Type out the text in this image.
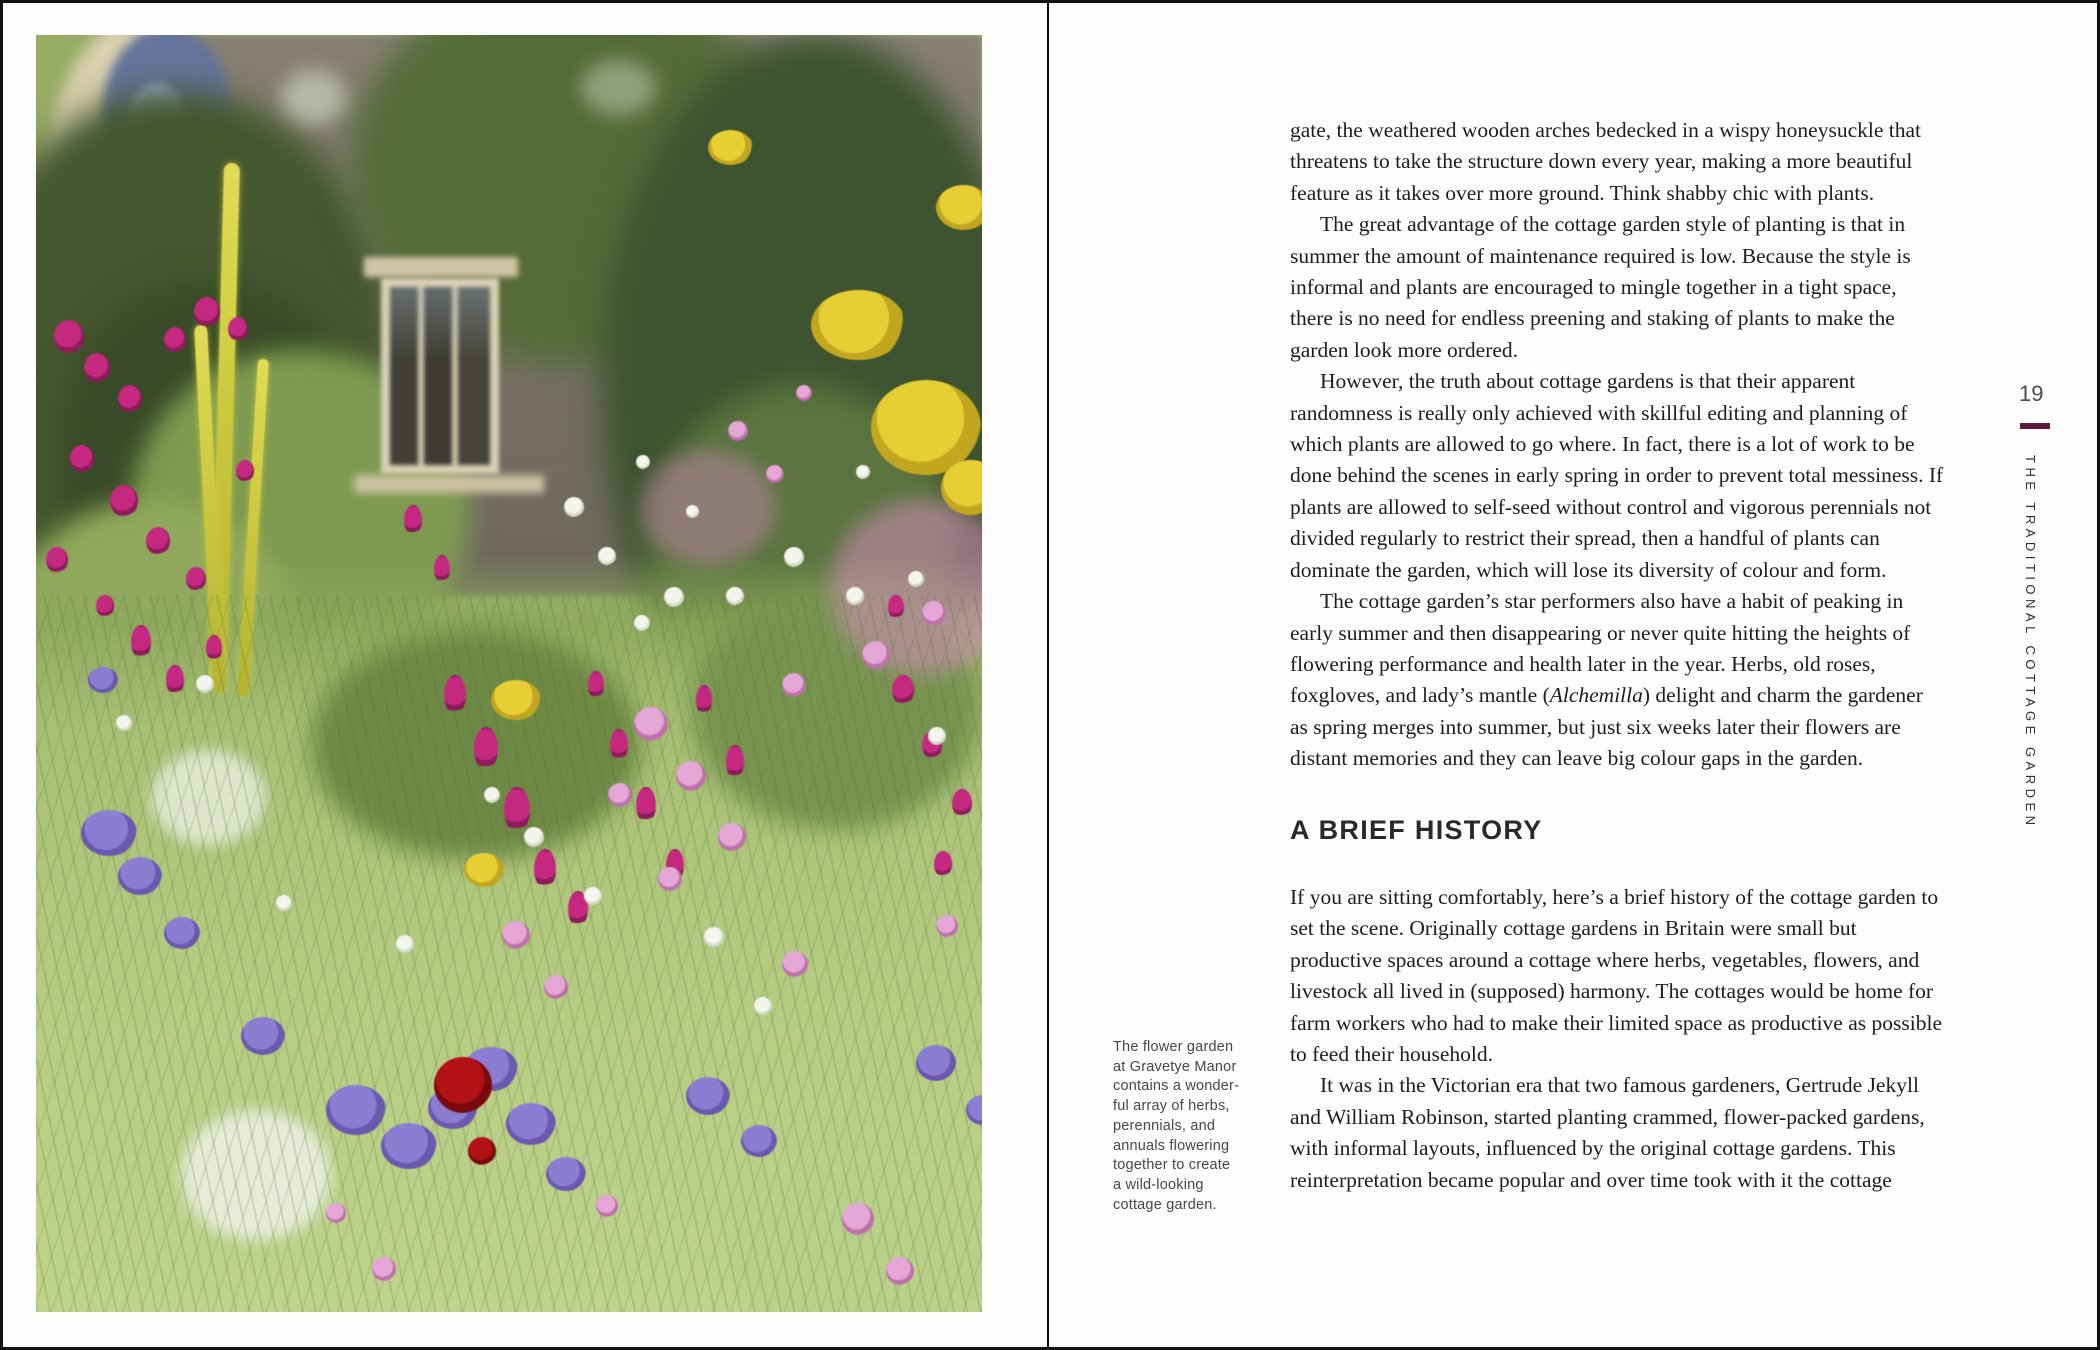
gate, the weathered wooden arches bedecked in a wispy honeysuckle that threatens to take the structure down every year, making a more beautiful feature as it takes over more ground. Think shabby chic with plants.

The great advantage of the cottage garden style of planting is that in summer the amount of maintenance required is low. Because the style is informal and plants are encouraged to mingle together in a tight space, there is no need for endless preening and staking of plants to make the garden look more ordered.

However, the truth about cottage gardens is that their apparent randomness is really only achieved with skillful editing and planning of which plants are allowed to go where. In fact, there is a lot of work to be done behind the scenes in early spring in order to prevent total messiness. If plants are allowed to self-seed without control and vigorous perennials not divided regularly to restrict their spread, then a handful of plants can dominate the garden, which will lose its diversity of colour and form.

The cottage garden’s star performers also have a habit of peaking in early summer and then disappearing or never quite hitting the heights of flowering performance and health later in the year. Herbs, old roses, foxgloves, and lady’s mantle (Alchemilla) delight and charm the gardener as spring merges into summer, but just six weeks later their flowers are distant memories and they can leave big colour gaps in the garden.

A BRIEF HISTORY

If you are sitting comfortably, here’s a brief history of the cottage garden to set the scene. Originally cottage gardens in Britain were small but productive spaces around a cottage where herbs, vegetables, flowers, and livestock all lived in (supposed) harmony. The cottages would be home for farm workers who had to make their limited space as productive as possible to feed their household.

It was in the Victorian era that two famous gardeners, Gertrude Jekyll and William Robinson, started planting crammed, flower-packed gardens, with informal layouts, influenced by the original cottage gardens. This reinterpretation became popular and over time took with it the cottage

The flower garden
at Gravetye Manor
contains a wonder-
ful array of herbs,
perennials, and
annuals flowering
together to create
a wild-looking
cottage garden.
19
THE TRADITIONAL COTTAGE GARDEN
